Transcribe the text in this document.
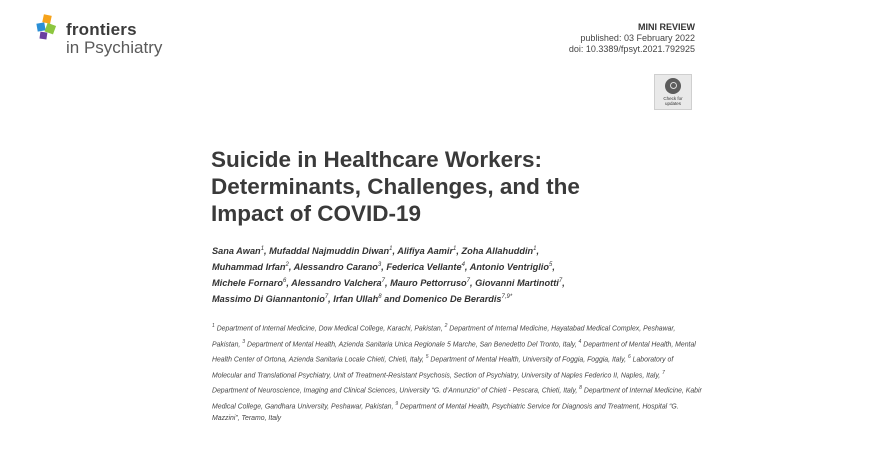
frontiers
in Psychiatry
MINI REVIEW
published: 03 February 2022
doi: 10.3389/fpsyt.2021.792925
Check for
updates
Suicide in Healthcare Workers:
Determinants, Challenges, and the
Impact of COVID-19
Sana Awan$^1$, Mufaddal Najmuddin Diwan$^1$, Alifiya Aamir$^1$, Zoha Allahuddin$^1$,
Muhammad Irfan$^2$, Alessandro Carano$^3$, Federica Vellante$^4$, Antonio Ventriglio$^5$,
Michele Fornaro$^6$, Alessandro Valchera$^7$, Mauro Pettorruso$^7$, Giovanni Martinotti$^7$,
Massimo Di Giannantonio$^7$, Irfan Ullah$^8$ and Domenico De Berardis$^{7,9*}$
$^1$ Department of Internal Medicine, Dow Medical College, Karachi, Pakistan, $^2$ Department of Internal Medicine, Hayatabad Medical Complex, Peshawar, Pakistan, $^3$ Department of Mental Health, Azienda Sanitaria Unica Regionale 5 Marche, San Benedetto Del Tronto, Italy, $^4$ Department of Mental Health, Mental Health Center of Ortona, Azienda Sanitaria Locale Chieti, Chieti, Italy, $^5$ Department of Mental Health, University of Foggia, Foggia, Italy, $^6$ Laboratory of Molecular and Translational Psychiatry, Unit of Treatment-Resistant Psychosis, Section of Psychiatry, University of Naples Federico II, Naples, Italy, $^7$ Department of Neuroscience, Imaging and Clinical Sciences, University “G. d’Annunzio” of Chieti - Pescara, Chieti, Italy, $^8$ Department of Internal Medicine, Kabir Medical College, Gandhara University, Peshawar, Pakistan, $^9$ Department of Mental Health, Psychiatric Service for Diagnosis and Treatment, Hospital “G. Mazzini”, Teramo, Italy
